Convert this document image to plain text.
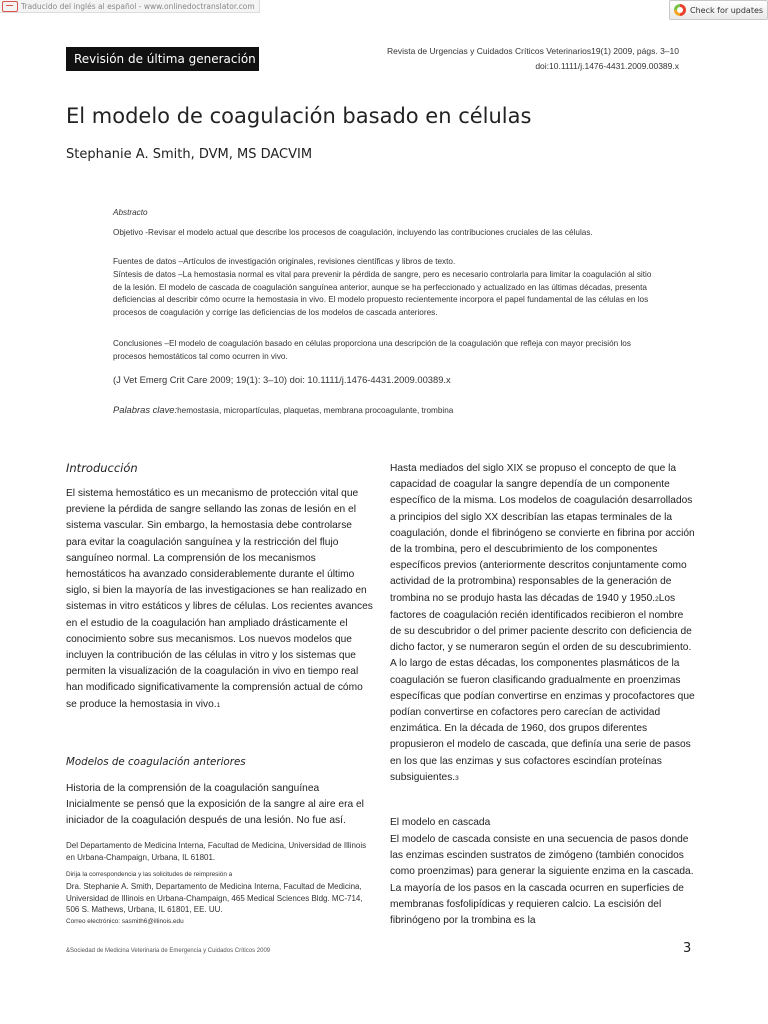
Traducido del inglés al español - www.onlinedoctranslator.com	Check for updates
Revisión de última generación
Revista de Urgencias y Cuidados Críticos Veterinarios19(1) 2009, págs. 3–10
doi:10.1111/j.1476-4431.2009.00389.x
El modelo de coagulación basado en células
Stephanie A. Smith, DVM, MS DACVIM
Abstracto
Objetivo -Revisar el modelo actual que describe los procesos de coagulación, incluyendo las contribuciones cruciales de las células.
Fuentes de datos –Artículos de investigación originales, revisiones científicas y libros de texto.
Síntesis de datos –La hemostasia normal es vital para prevenir la pérdida de sangre, pero es necesario controlarla para limitar la coagulación al sitio de la lesión. El modelo de cascada de coagulación sanguínea anterior, aunque se ha perfeccionado y actualizado en las últimas décadas, presenta deficiencias al describir cómo ocurre la hemostasia in vivo. El modelo propuesto recientemente incorpora el papel fundamental de las células en los procesos de coagulación y corrige las deficiencias de los modelos de cascada anteriores.
Conclusiones –El modelo de coagulación basado en células proporciona una descripción de la coagulación que refleja con mayor precisión los procesos hemostáticos tal como ocurren in vivo.
(J Vet Emerg Crit Care 2009; 19(1): 3–10) doi: 10.1111/j.1476-4431.2009.00389.x
Palabras clave:hemostasia, micropartículas, plaquetas, membrana procoagulante, trombina
Introducción
El sistema hemostático es un mecanismo de protección vital que previene la pérdida de sangre sellando las zonas de lesión en el sistema vascular. Sin embargo, la hemostasia debe controlarse para evitar la coagulación sanguínea y la restricción del flujo sanguíneo normal. La comprensión de los mecanismos hemostáticos ha avanzado considerablemente durante el último siglo, si bien la mayoría de las investigaciones se han realizado en sistemas in vitro estáticos y libres de células. Los recientes avances en el estudio de la coagulación han ampliado drásticamente el conocimiento sobre sus mecanismos. Los nuevos modelos que incluyen la contribución de las células in vitro y los sistemas que permiten la visualización de la coagulación in vivo en tiempo real han modificado significativamente la comprensión actual de cómo se produce la hemostasia in vivo.1
Modelos de coagulación anteriores
Historia de la comprensión de la coagulación sanguínea
Inicialmente se pensó que la exposición de la sangre al aire era el iniciador de la coagulación después de una lesión. No fue así.
Del Departamento de Medicina Interna, Facultad de Medicina, Universidad de Illinois en Urbana-Champaign, Urbana, IL 61801.
Dirija la correspondencia y las solicitudes de reimpresión a
Dra. Stephanie A. Smith, Departamento de Medicina Interna, Facultad de Medicina, Universidad de Illinois en Urbana-Champaign, 465 Medical Sciences Bldg. MC-714, 506 S. Mathews, Urbana, IL 61801, EE. UU.
Correo electrónico: sasmith6@illinois.edu
&Sociedad de Medicina Veterinaria de Emergencia y Cuidados Críticos 2009
Hasta mediados del siglo XIX se propuso el concepto de que la capacidad de coagular la sangre dependía de un componente específico de la misma. Los modelos de coagulación desarrollados a principios del siglo XX describían las etapas terminales de la coagulación, donde el fibrinógeno se convierte en fibrina por acción de la trombina, pero el descubrimiento de los componentes específicos previos (anteriormente descritos conjuntamente como actividad de la protrombina) responsables de la generación de trombina no se produjo hasta las décadas de 1940 y 1950.2Los factores de coagulación recién identificados recibieron el nombre de su descubridor o del primer paciente descrito con deficiencia de dicho factor, y se numeraron según el orden de su descubrimiento. A lo largo de estas décadas, los componentes plasmáticos de la coagulación se fueron clasificando gradualmente en proenzimas específicas que podían convertirse en enzimas y procofactores que podían convertirse en cofactores pero carecían de actividad enzimática. En la década de 1960, dos grupos diferentes propusieron el modelo de cascada, que definía una serie de pasos en los que las enzimas y sus cofactores escindían proteínas subsiguientes.3
El modelo en cascada
El modelo de cascada consiste en una secuencia de pasos donde las enzimas escinden sustratos de zimógeno (también conocidos como proenzimas) para generar la siguiente enzima en la cascada. La mayoría de los pasos en la cascada ocurren en superficies de membranas fosfolipídicas y requieren calcio. La escisión del fibrinógeno por la trombina es la
3
